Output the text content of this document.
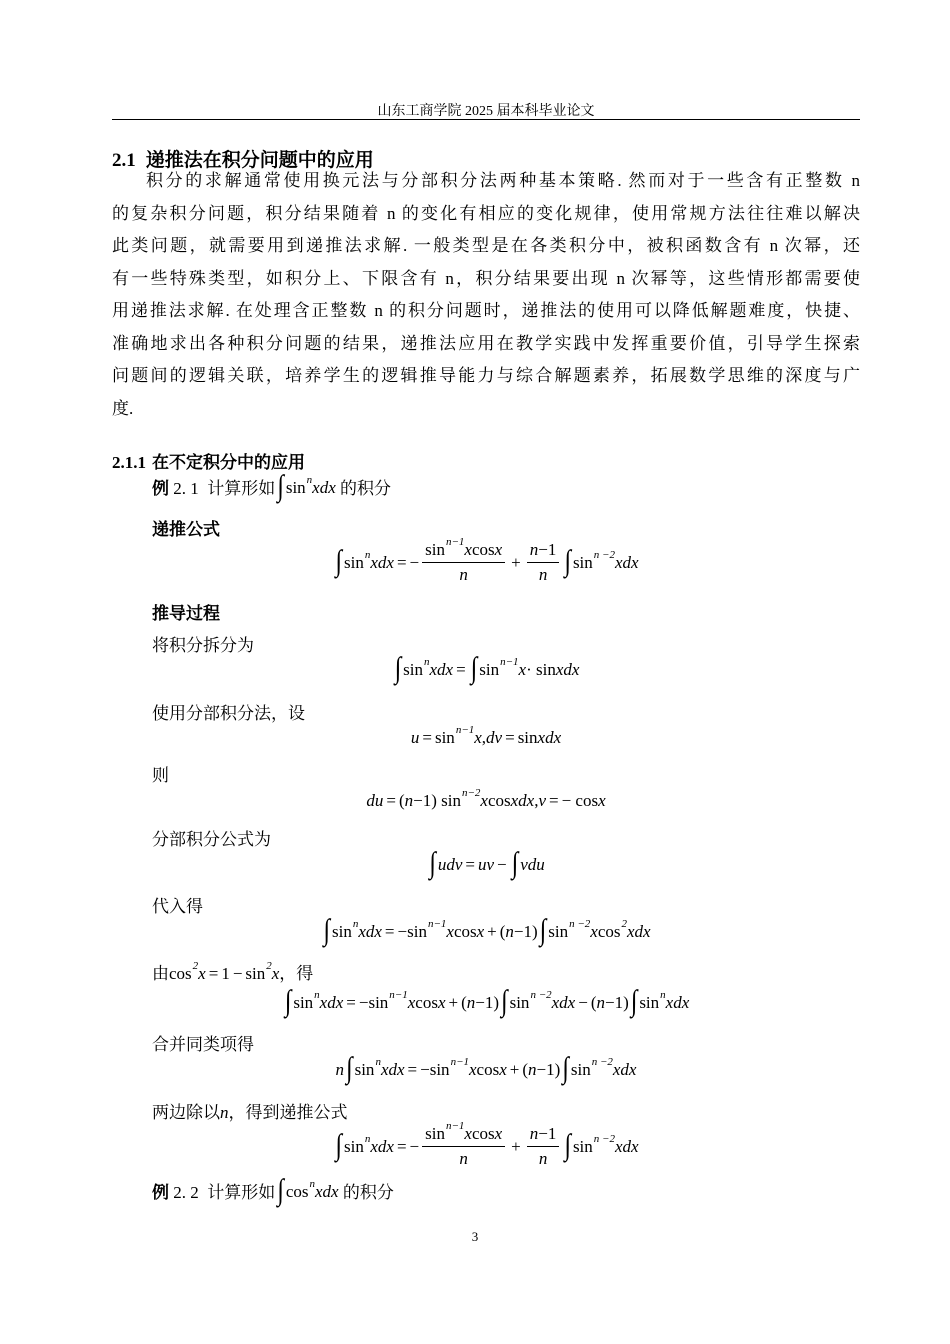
山东工商学院 2025 届本科毕业论文
2.1 递推法在积分问题中的应用
积分的求解通常使用换元法与分部积分法两种基本策略. 然而对于一些含有正整数 n
的复杂积分问题，积分结果随着 n 的变化有相应的变化规律，使用常规方法往往难以解决
此类问题，就需要用到递推法求解. 一般类型是在各类积分中，被积函数含有 n 次幂，还
有一些特殊类型，如积分上、下限含有 n，积分结果要出现 n 次幂等，这些情形都需要使
用递推法求解. 在处理含正整数 n 的积分问题时，递推法的使用可以降低解题难度，快捷、
准确地求出各种积分问题的结果，递推法应用在教学实践中发挥重要价值，引导学生探索
问题间的逻辑关联，培养学生的逻辑推导能力与综合解题素养，拓展数学思维的深度与广
度.
2.1.1 在不定积分中的应用
例 2. 1 计算形如 ∫ sin n xdx 的积分
递推公式
∫ sin n xdx = − $\frac{\text{sin n−1 x cos x}}{n} + \frac{n -1}{n}$ ∫ sin n −2 xdx
推导过程
将积分拆分为
∫ sin n xdx = ∫ sin n−1 x · sin xdx
使用分部积分法，设
u = sin n−1 x , dv = sin xdx
则
du = ( n −1) sin n−2 x cos xdx , v = − cos x
分部积分公式为
∫ udv = uv − ∫ vdu
代入得
∫ sin n xdx = −sin n−1 x cos x + ( n −1) ∫ sin n −2 x cos 2 xdx
由 cos 2 x = 1 − sin 2 x ，得
∫ sin n xdx = −sin n−1 x cos x + ( n −1) ∫ sin n −2 xdx − ( n −1) ∫ sin n xdx
合并同类项得
n ∫ sin n xdx = −sin n−1 x cos x + ( n −1) ∫ sin n −2 xdx
两边除以n，得到递推公式
∫ sin n xdx = − $\frac{\text{sin n−1 x cos x}}{n} + \frac{n -1}{n}$ ∫ sin n −2 xdx
例 2. 2 计算形如 ∫ cos n xdx 的积分
3
